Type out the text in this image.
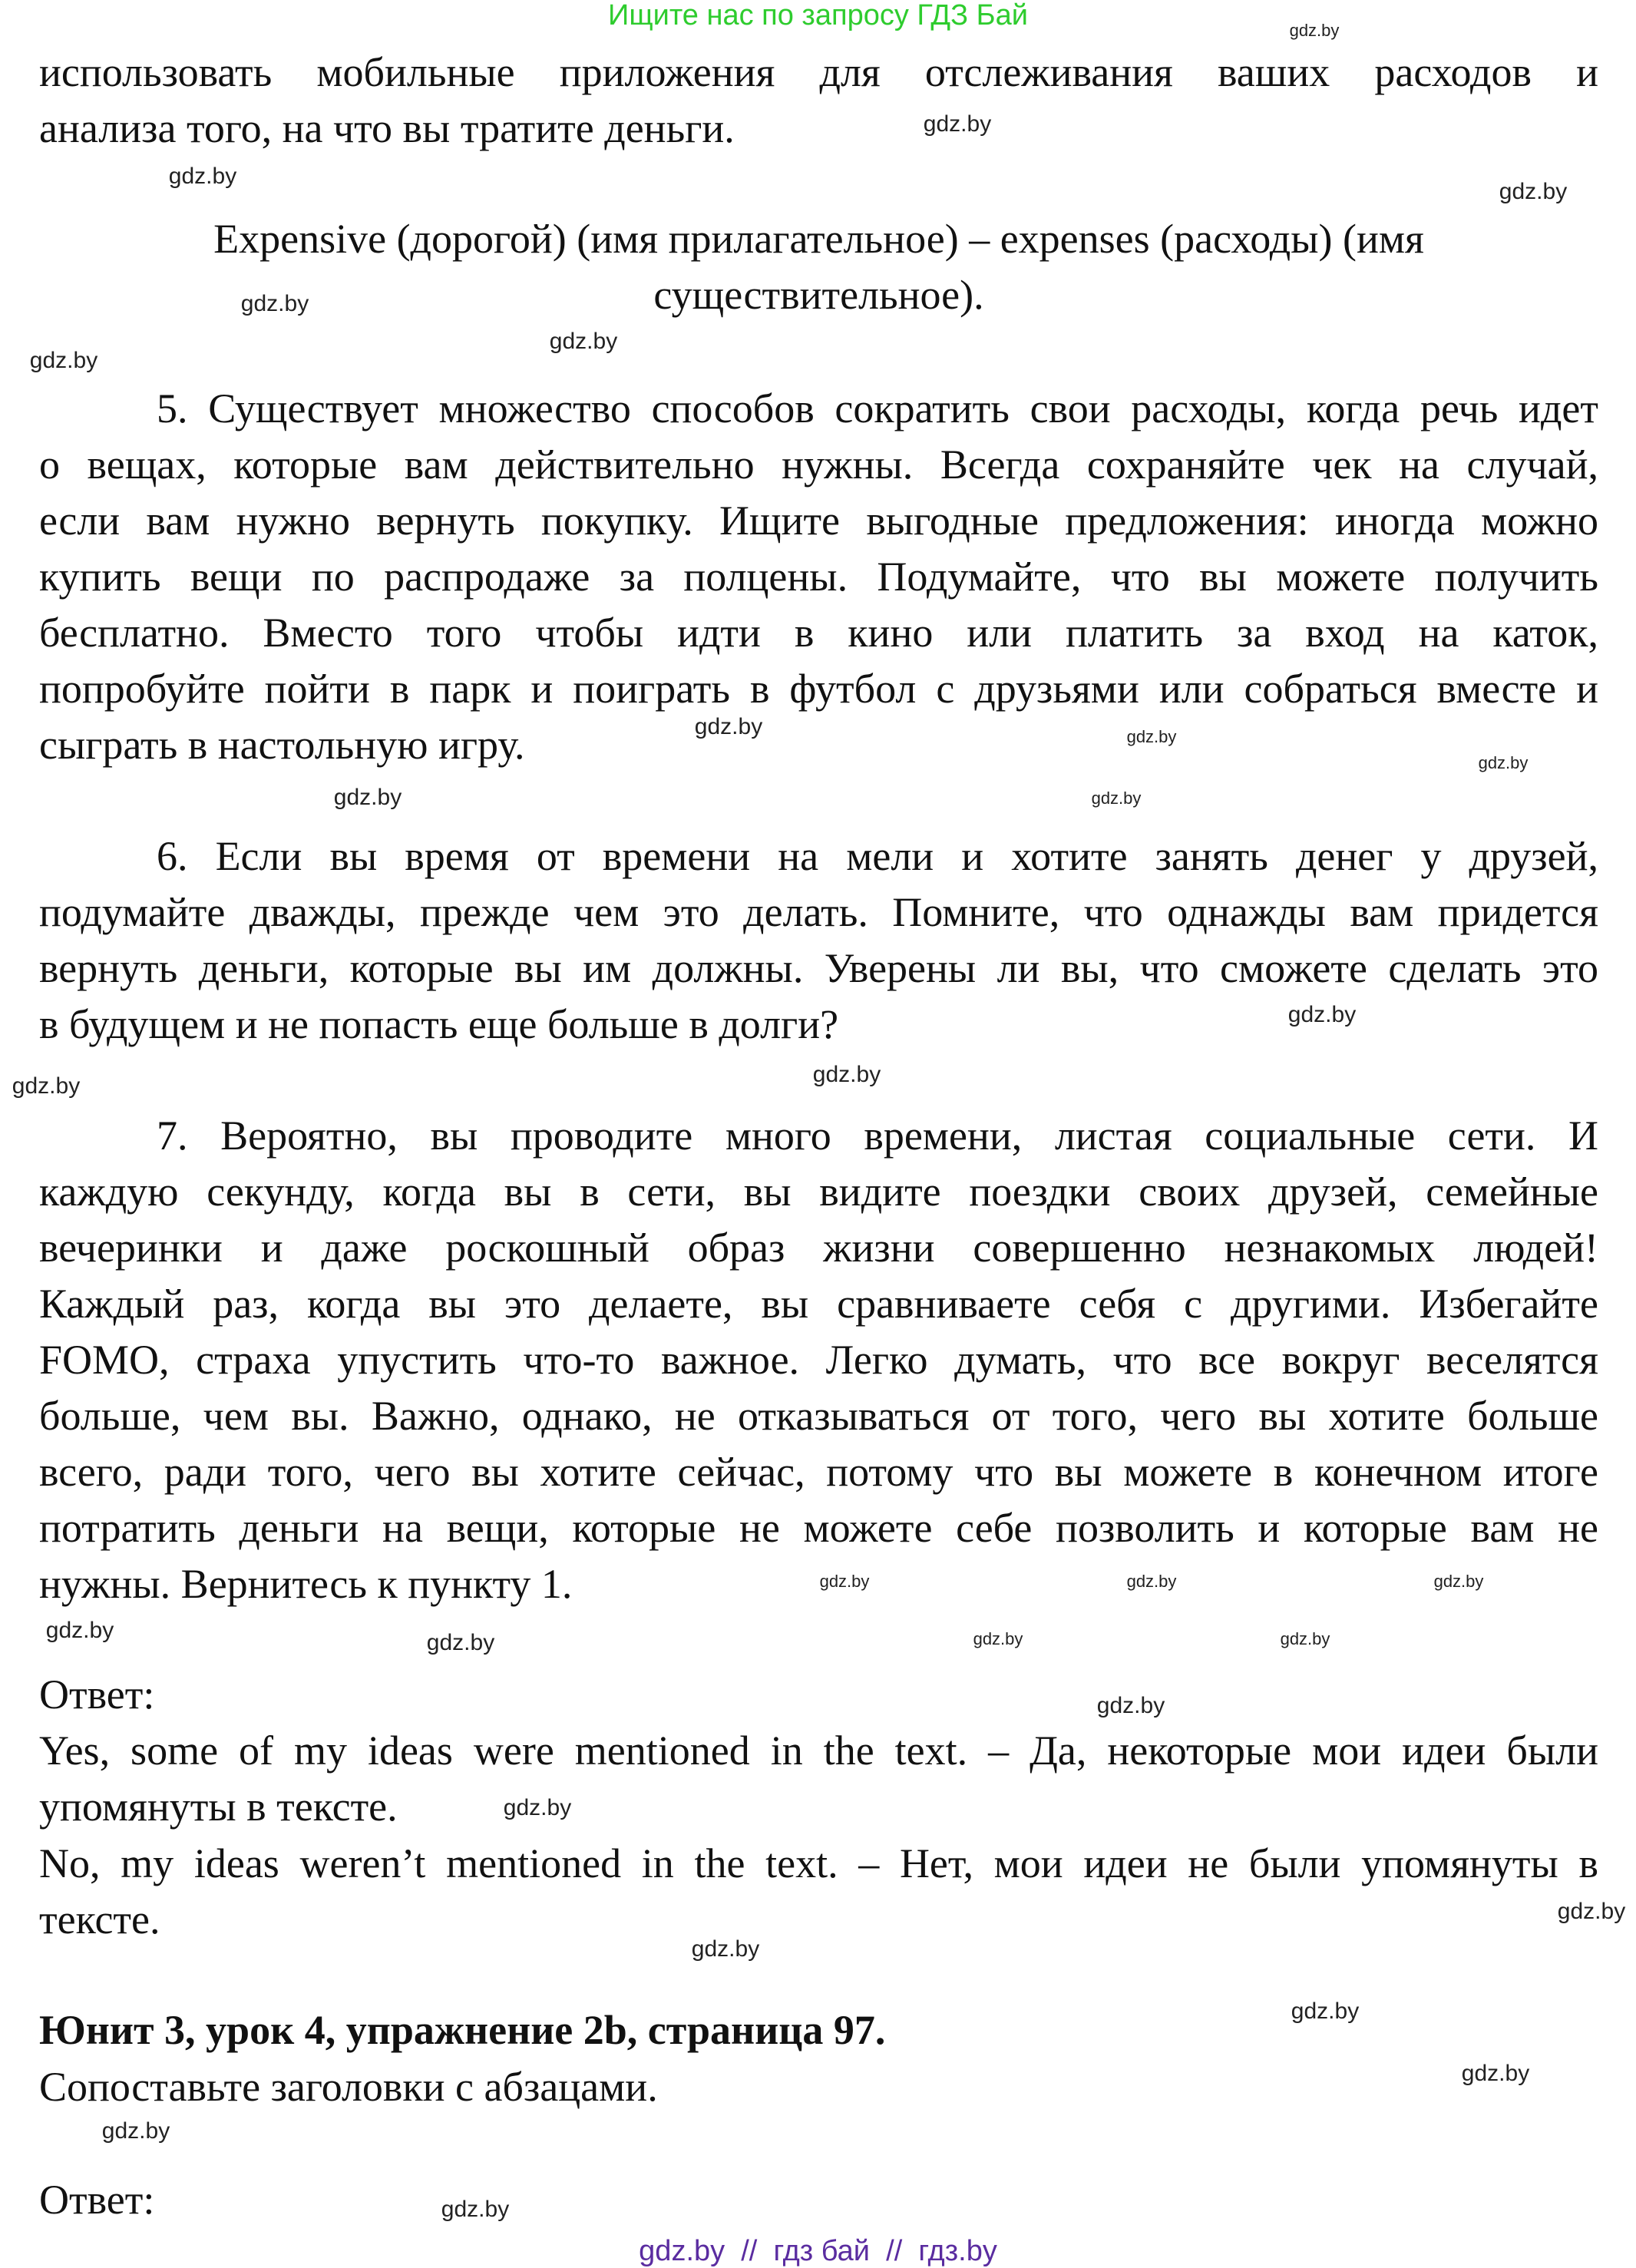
Ищите нас по запросу ГДЗ Бай
использовать мобильные приложения для отслеживания ваших расходов и
анализа того, на что вы тратите деньги.
Expensive (дорогой) (имя прилагательное) – expenses (расходы) (имя
существительное).
5. Существует множество способов сократить свои расходы, когда речь идет
о вещах, которые вам действительно нужны. Всегда сохраняйте чек на случай,
если вам нужно вернуть покупку. Ищите выгодные предложения: иногда можно
купить вещи по распродаже за полцены. Подумайте, что вы можете получить
бесплатно. Вместо того чтобы идти в кино или платить за вход на каток,
попробуйте пойти в парк и поиграть в футбол с друзьями или собраться вместе и
сыграть в настольную игру.
6. Если вы время от времени на мели и хотите занять денег у друзей,
подумайте дважды, прежде чем это делать. Помните, что однажды вам придется
вернуть деньги, которые вы им должны. Уверены ли вы, что сможете сделать это
в будущем и не попасть еще больше в долги?
7. Вероятно, вы проводите много времени, листая социальные сети. И
каждую секунду, когда вы в сети, вы видите поездки своих друзей, семейные
вечеринки и даже роскошный образ жизни совершенно незнакомых людей!
Каждый раз, когда вы это делаете, вы сравниваете себя с другими. Избегайте
FOMO, страха упустить что-то важное. Легко думать, что все вокруг веселятся
больше, чем вы. Важно, однако, не отказываться от того, чего вы хотите больше
всего, ради того, чего вы хотите сейчас, потому что вы можете в конечном итоге
потратить деньги на вещи, которые не можете себе позволить и которые вам не
нужны. Вернитесь к пункту 1.
Ответ:
Yes, some of my ideas were mentioned in the text. – Да, некоторые мои идеи были
упомянуты в тексте.
No, my ideas weren’t mentioned in the text. – Нет, мои идеи не были упомянуты в
тексте.
Юнит 3, урок 4, упражнение 2b, страница 97.
Сопоставьте заголовки с абзацами.
Ответ:
gdz.by
gdz.by
gdz.by
gdz.by
gdz.by
gdz.by
gdz.by
gdz.by
gdz.by
gdz.by
gdz.by
gdz.by
gdz.by
gdz.by
gdz.by
gdz.by
gdz.by	gdz.by
gdz.by	gdz.by
gdz.by
gdz.by
gdz.by
gdz.by
gdz.by
gdz.by
gdz.by
gdz.by
gdz.by
gdz.by
gdz.by  //  гдз бай  //  гдз.by
